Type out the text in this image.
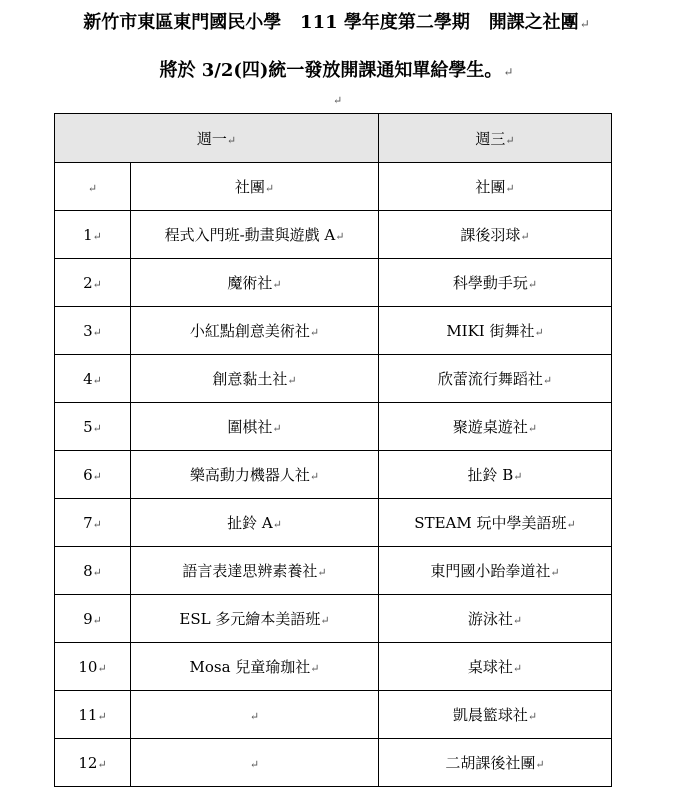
新竹市東區東門國民小學   111 學年度第二學期   開課之社團↵
將於 3/2(四)統一發放開課通知單給學生。↵
↵
週一↵		週三↵
↵	社團↵	社團↵
1↵	程式入門班-動畫與遊戲 A↵	課後羽球↵
2↵	魔術社↵	科學動手玩↵
3↵	小紅點創意美術社↵	MIKI 街舞社↵
4↵	創意黏土社↵	欣蕾流行舞蹈社↵
5↵	圍棋社↵	聚遊桌遊社↵
6↵	樂高動力機器人社↵	扯鈴 B↵
7↵	扯鈴 A↵	STEAM 玩中學美語班↵
8↵	語言表達思辨素養社↵	東門國小跆拳道社↵
9↵	ESL 多元繪本美語班↵	游泳社↵
10↵	Mosa 兒童瑜珈社↵	桌球社↵
11↵	↵	凱晨籃球社↵
12↵	↵	二胡課後社團↵
